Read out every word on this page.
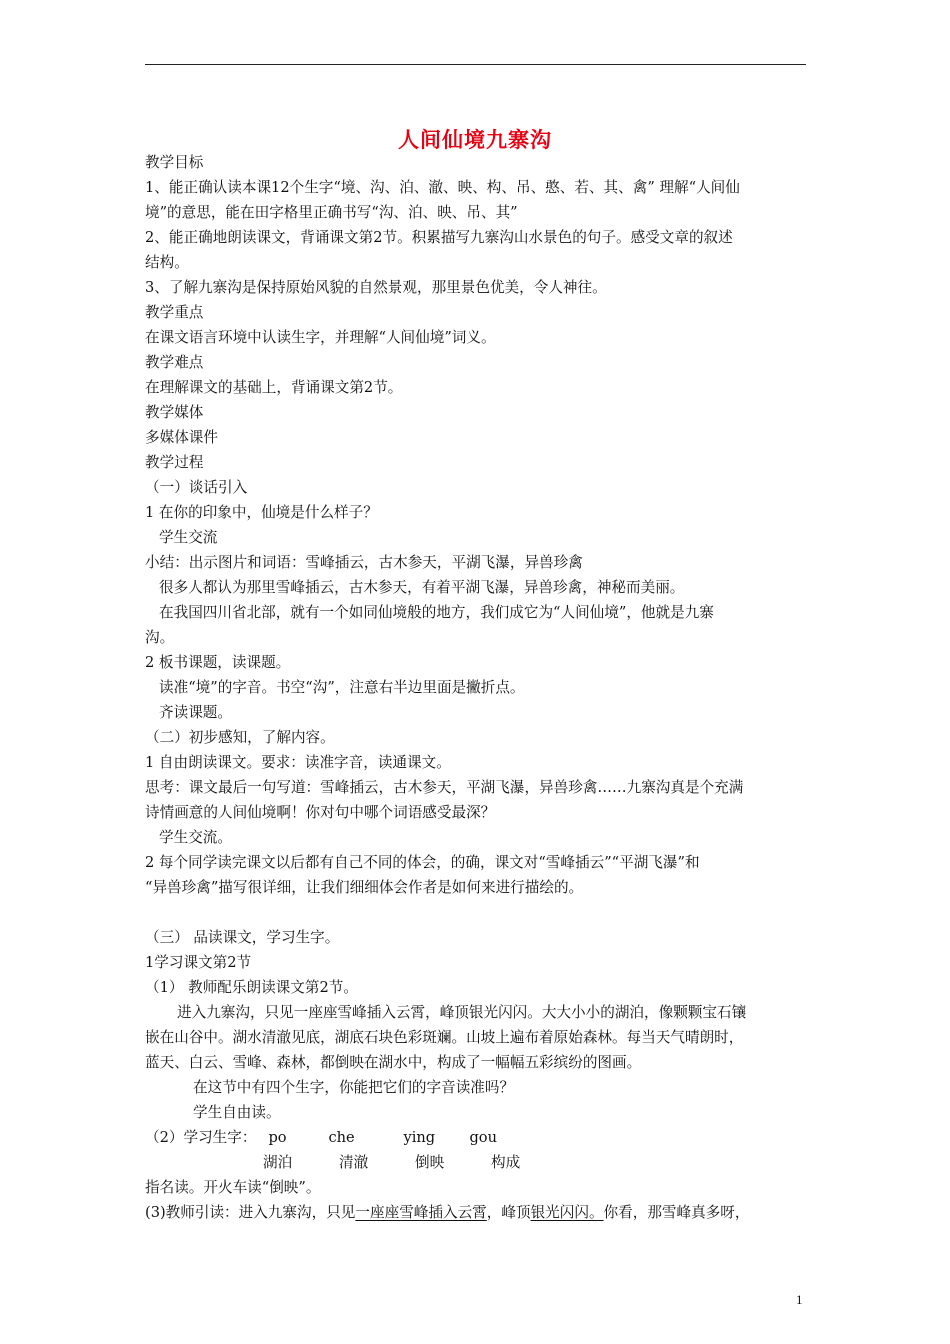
人间仙境九寨沟
教学目标
1、能正确认读本课12个生字“境、沟、泊、澈、映、构、吊、憨、若、其、禽” 理解“人间仙
境”的意思，能在田字格里正确书写“沟、泊、映、吊、其”
2、能正确地朗读课文，背诵课文第2节。积累描写九寨沟山水景色的句子。感受文章的叙述
结构。
3、了解九寨沟是保持原始风貌的自然景观，那里景色优美，令人神往。
教学重点
在课文语言环境中认读生字，并理解“人间仙境”词义。
教学难点
在理解课文的基础上，背诵课文第2节。
教学媒体
多媒体课件
教学过程
（一）谈话引入
1 在你的印象中，仙境是什么样子？
学生交流
小结：出示图片和词语：雪峰插云，古木参天，平湖飞瀑，异兽珍禽
很多人都认为那里雪峰插云，古木参天，有着平湖飞瀑，异兽珍禽，神秘而美丽。
在我国四川省北部，就有一个如同仙境般的地方，我们成它为“人间仙境”，他就是九寨
沟。
2 板书课题，读课题。
读准“境”的字音。书空“沟”，注意右半边里面是撇折点。
齐读课题。
（二）初步感知，了解内容。
1 自由朗读课文。要求：读准字音，读通课文。
思考：课文最后一句写道：雪峰插云，古木参天，平湖飞瀑，异兽珍禽……九寨沟真是个充满
诗情画意的人间仙境啊！你对句中哪个词语感受最深？
学生交流。
2 每个同学读完课文以后都有自己不同的体会，的确，课文对“雪峰插云”“平湖飞瀑”和
“异兽珍禽”描写很详细，让我们细细体会作者是如何来进行描绘的。
（三） 品读课文，学习生字。
1学习课文第2节
（1） 教师配乐朗读课文第2节。
进入九寨沟，只见一座座雪峰插入云霄，峰顶银光闪闪。大大小小的湖泊，像颗颗宝石镶
嵌在山谷中。湖水清澈见底，湖底石块色彩斑斓。山坡上遍布着原始森林。每当天气晴朗时，
蓝天、白云、雪峰、森林，都倒映在湖水中，构成了一幅幅五彩缤纷的图画。
在这节中有四个生字，你能把它们的字音读准吗？
学生自由读。
（2）学习生字： po	che	ying gou
湖泊	清澈	倒映	构成
指名读。开火车读“倒映”。
(3)教师引读：进入九寨沟，只见一座座雪峰插入云霄，峰顶银光闪闪。你看，那雪峰真多呀，
1
